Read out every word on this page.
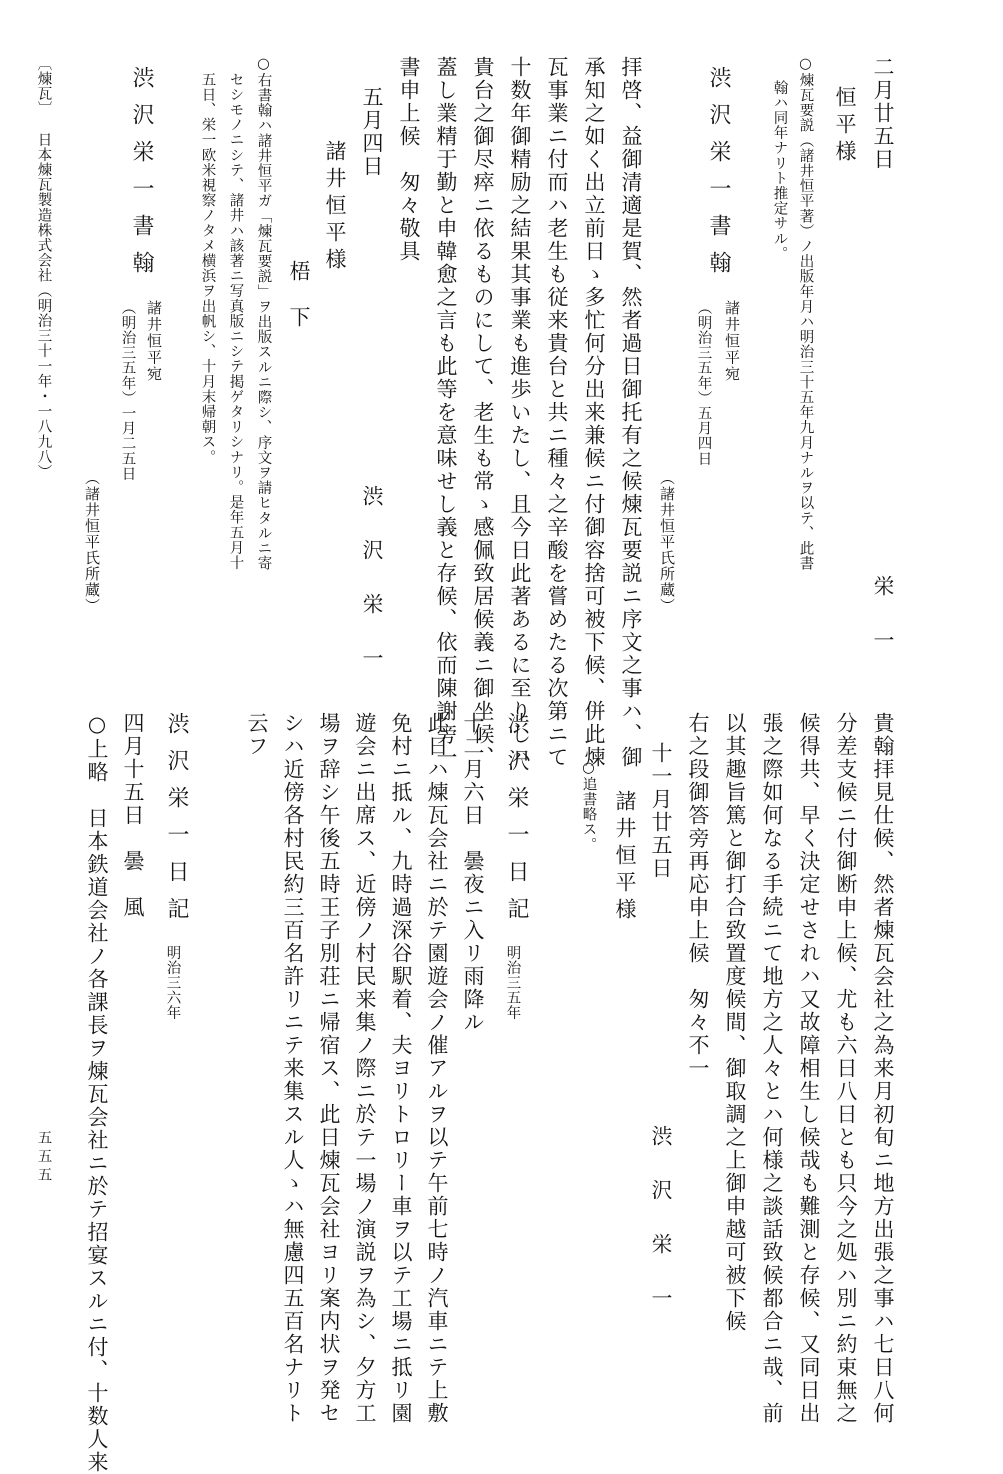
二月廿五日

栄　一

恒平様

○煉瓦要説（諸井恒平著）ノ出版年月ハ明治三十五年九月ナルヲ以テ、此書

翰ハ同年ナリト推定サル。

渋沢栄一書翰

諸井恒平宛

（明治三五年）五月四日

（諸井恒平氏所蔵）

拝啓、益御清適是賀、然者過日御托有之候煉瓦要説ニ序文之事ハ、御

承知之如く出立前日ゝ多忙何分出来兼候ニ付御容捨可被下候、併此煉

瓦事業ニ付而ハ老生も従来貴台と共ニ種々之辛酸を嘗めたる次第ニて

十数年御精励之結果其事業も進歩いたし、且今日此著あるに至りしハ

貴台之御尽瘁ニ依るものにして、老生も常ゝ感佩致居候義ニ御坐候、

蓋し業精于勤と申韓愈之言も此等を意味せし義と存候、依而陳謝旁一

書申上候　匆々敬具

五月四日

渋　沢　栄　一

諸井恒平様

梧　下

○右書翰ハ諸井恒平ガ「煉瓦要説」ヲ出版スルニ際シ、序文ヲ請ヒタルニ寄

セシモノニシテ、諸井ハ該著ニ写真版ニシテ掲ゲタリシナリ。是年五月十

五日、栄一欧米視察ノタメ横浜ヲ出帆シ、十月末帰朝ス。

渋沢栄一書翰

諸井恒平宛

（明治三五年）一月二五日

（諸井恒平氏所蔵）

〔煉瓦〕

日本煉瓦製造株式会社（明治三十一年・一八九八）

貴翰拝見仕候、然者煉瓦会社之為来月初旬ニ地方出張之事ハ七日八何

分差支候ニ付御断申上候、尤も六日八日とも只今之処ハ別ニ約束無之

候得共、早く決定せされハ又故障相生し候哉も難測と存候、又同日出

張之際如何なる手続ニて地方之人々とハ何様之談話致候都合ニ哉、前

以其趣旨篤と御打合致置度候間、御取調之上御申越可被下候

右之段御答旁再応申上候　匆々不一

十一月廿五日

渋　沢　栄　一

諸井恒平様

○追書略ス。

渋沢栄一日記

明治三五年

十二月六日　曇夜ニ入リ雨降ル

此日ハ煉瓦会社ニ於テ園遊会ノ催アルヲ以テ午前七時ノ汽車ニテ上敷

免村ニ抵ル、九時過深谷駅着、夫ヨリトロリー車ヲ以テ工場ニ抵リ園

遊会ニ出席ス、近傍ノ村民来集ノ際ニ於テ一場ノ演説ヲ為シ、夕方工

場ヲ辞シ午後五時王子別荘ニ帰宿ス、此日煉瓦会社ヨリ案内状ヲ発セ

シハ近傍各村民約三百名許リニテ来集スル人ゝハ無慮四五百名ナリト

云フ

渋沢栄一日記

明治三六年

四月十五日　曇　風

○上略　日本鉄道会社ノ各課長ヲ煉瓦会社ニ於テ招宴スルニ付、十数人来

五五五
